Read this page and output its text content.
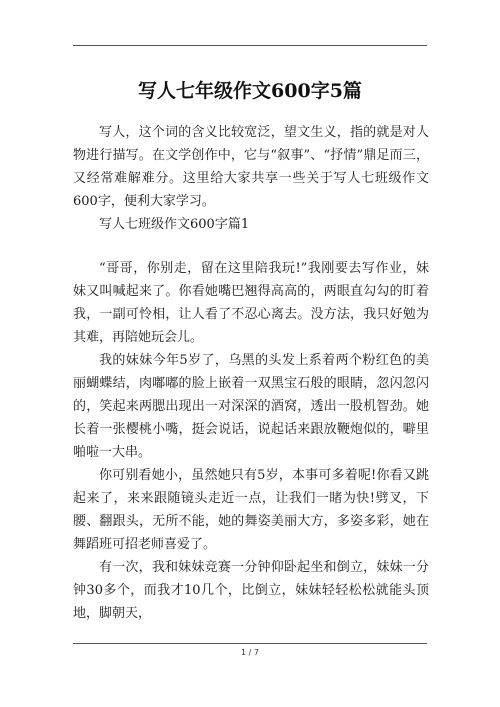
写人七年级作文600字5篇

写人，这个词的含义比较宽泛，望文生义，指的就是对人物进行描写。在文学创作中，它与“叙事”、“抒情”鼎足而三，又经常难解难分。这里给大家共享一些关于写人七班级作文600字，便利大家学习。

写人七班级作文600字篇1

“哥哥，你别走，留在这里陪我玩!”我刚要去写作业，妹妹又叫喊起来了。你看她嘴巴翘得高高的，两眼直勾勾的盯着我，一副可怜相，让人看了不忍心离去。没方法，我只好勉为其难，再陪她玩会儿。

我的妹妹今年5岁了，乌黑的头发上系着两个粉红色的美丽蝴蝶结，肉嘟嘟的脸上嵌着一双黑宝石般的眼睛，忽闪忽闪的，笑起来两腮出现出一对深深的酒窝，透出一股机智劲。她长着一张樱桃小嘴，挺会说话，说起话来跟放鞭炮似的，噼里啪啦一大串。

你可别看她小，虽然她只有5岁，本事可多着呢!你看又跳起来了，来来跟随镜头走近一点，让我们一睹为快!劈叉，下腰、翻跟头，无所不能，她的舞姿美丽大方，多姿多彩，她在舞蹈班可招老师喜爱了。

有一次，我和妹妹竞赛一分钟仰卧起坐和倒立，妹妹一分钟30多个，而我才10几个，比倒立，妹妹轻轻松松就能头顶地，脚朝天，

1 / 7
